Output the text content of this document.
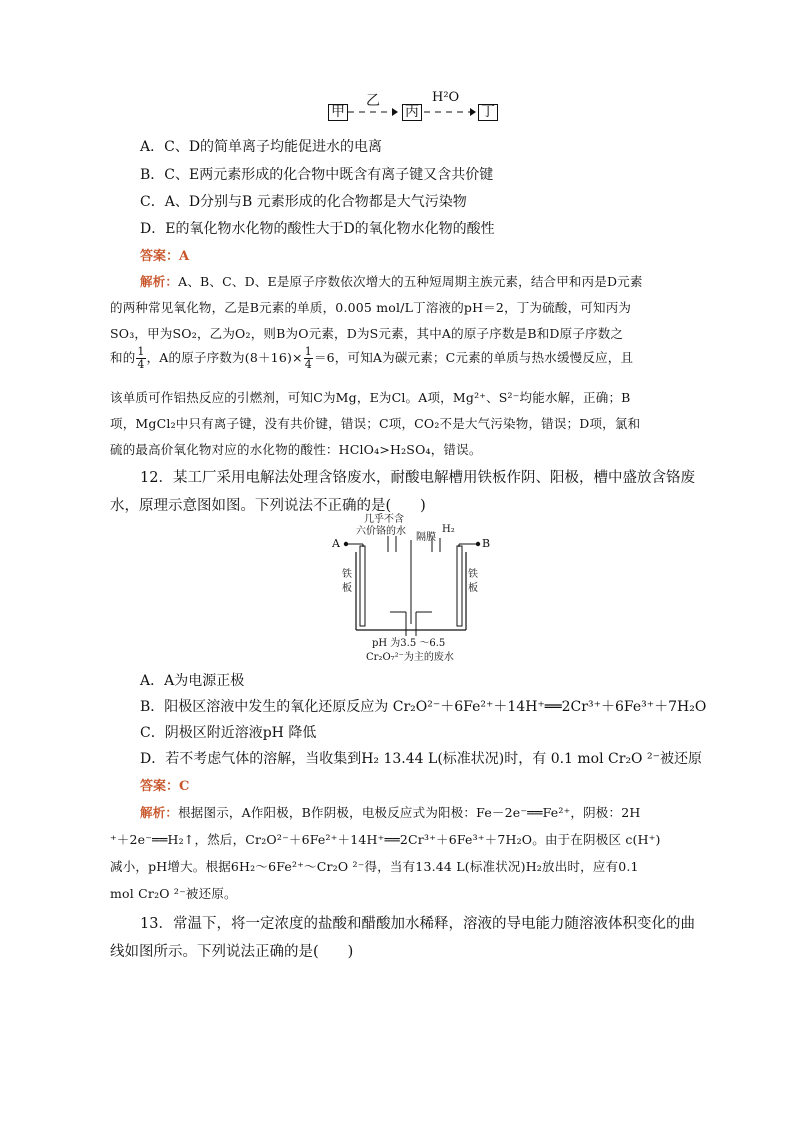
甲
乙
丙
H²O
丁
A．C、D的简单离子均能促进水的电离
B．C、E两元素形成的化合物中既含有离子键又含共价键
C．A、D分别与B 元素形成的化合物都是大气污染物
D．E的氧化物水化物的酸性大于D的氧化物水化物的酸性
答案：A
解析：A、B、C、D、E是原子序数依次增大的五种短周期主族元素，结合甲和丙是D元素
的两种常见氧化物，乙是B元素的单质，0.005 mol/L丁溶液的pH＝2，丁为硫酸，可知丙为
SO₃，甲为SO₂，乙为O₂，则B为O元素，D为S元素，其中A的原子序数是B和D原子序数之
和的 $\frac{1}{4}$ ，A的原子序数为$(8+16)\times \frac{1}{4} =6$，可知A为碳元素；C元素的单质与热水缓慢反应，且
该单质可作铝热反应的引燃剂，可知C为Mg，E为Cl。A项，Mg²⁺、S²⁻均能水解，正确；B
项，MgCl₂中只有离子键，没有共价键，错误；C项，CO₂不是大气污染物，错误；D项，氯和
硫的最高价氧化物对应的水化物的酸性：HClO₄>H₂SO₄，错误。
12．某工厂采用电解法处理含铬废水，耐酸电解槽用铁板作阴、阳极，槽中盛放含铬废
水，原理示意图如图。下列说法不正确的是(　　)
几乎不含
六价铬的水
隔膜
H₂
A	B
铁板
铁板
pH 为3.5 ～6.5
Cr₂O₇²⁻为主的废水
A．A为电源正极
B．阳极区溶液中发生的氧化还原反应为 Cr₂O²⁻＋6Fe²⁺＋14H⁺══2Cr³⁺＋6Fe³⁺＋7H₂O
C．阴极区附近溶液pH 降低
D．若不考虑气体的溶解，当收集到H₂ 13.44 L(标准状况)时，有 0.1 mol Cr₂O ²⁻被还原
答案：C
解析：根据图示，A作阳极，B作阴极，电极反应式为阳极：Fe－2e⁻══Fe²⁺，阴极：2H
⁺＋2e⁻══H₂↑，然后，Cr₂O²⁻＋6Fe²⁺＋14H⁺══2Cr³⁺＋6Fe³⁺＋7H₂O。由于在阴极区 c(H⁺)
减小，pH增大。根据6H₂～6Fe²⁺～Cr₂O ²⁻得，当有13.44 L(标准状况)H₂放出时，应有0.1
mol Cr₂O ²⁻被还原。
13．常温下，将一定浓度的盐酸和醋酸加水稀释，溶液的导电能力随溶液体积变化的曲
线如图所示。下列说法正确的是(　　)
